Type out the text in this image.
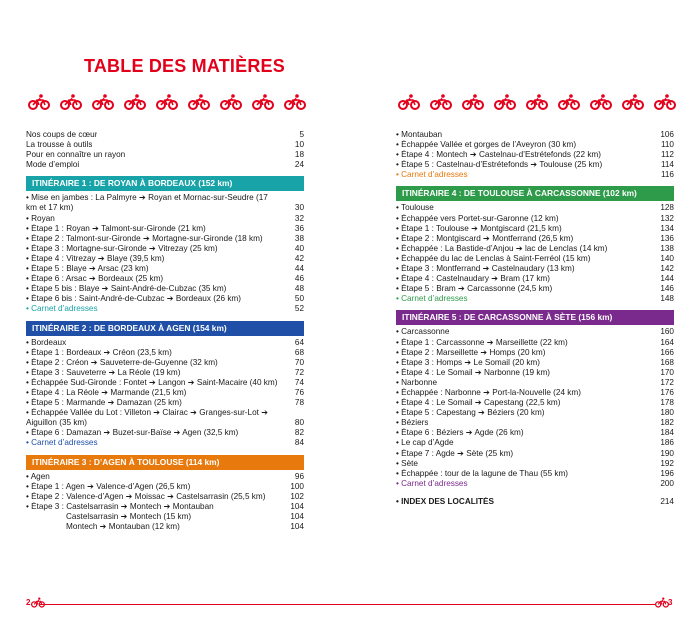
TABLE DES MATIÈRES
Nos coups de cœur	5
La trousse à outils	10
Pour en connaître un rayon	18
Mode d’emploi	24
ITINÉRAIRE 1 : DE ROYAN À BORDEAUX (152 km)
• Mise en jambes : La Palmyre ➔ Royan et Mornac-sur-Seudre (17 km et 17 km)	30
• Royan	32
• Étape 1 : Royan ➔ Talmont-sur-Gironde (21 km)	36
• Étape 2 : Talmont-sur-Gironde ➔ Mortagne-sur-Gironde (18 km)	38
• Étape 3 : Mortagne-sur-Gironde ➔ Vitrezay (25 km)	40
• Étape 4 : Vitrezay ➔ Blaye (39,5 km)	42
• Étape 5 : Blaye ➔ Arsac (23 km)	44
• Étape 6 : Arsac ➔ Bordeaux (25 km)	46
• Étape 5 bis : Blaye ➔ Saint-André-de-Cubzac (35 km)	48
• Étape 6 bis : Saint-André-de-Cubzac ➔ Bordeaux (26 km)	50
• Carnet d’adresses	52
ITINÉRAIRE 2 : DE BORDEAUX À AGEN (154 km)
• Bordeaux	64
• Étape 1 : Bordeaux ➔ Créon (23,5 km)	68
• Étape 2 : Créon ➔ Sauveterre-de-Guyenne (32 km)	70
• Étape 3 : Sauveterre ➔ La Réole (19 km)	72
• Échappée Sud-Gironde : Fontet ➔ Langon ➔ Saint-Macaire (40 km)	74
• Étape 4 : La Réole ➔ Marmande (21,5 km)	76
• Étape 5 : Marmande ➔ Damazan (25 km)	78
• Échappée Vallée du Lot : Villeton ➔ Clairac ➔ Granges-sur-Lot ➔ Aiguillon (35 km)	80
• Étape 6 : Damazan ➔ Buzet-sur-Baïse ➔ Agen (32,5 km)	82
• Carnet d’adresses	84
ITINÉRAIRE 3 : D’AGEN À TOULOUSE (114 km)
• Agen	96
• Étape 1 : Agen ➔ Valence-d’Agen (26,5 km)	100
• Étape 2 : Valence-d’Agen ➔ Moissac ➔ Castelsarrasin (25,5 km)	102
• Étape 3 : Castelsarrasin ➔ Montech ➔ Montauban	104
Castelsarrasin ➔ Montech (15 km)	104
Montech ➔ Montauban (12 km)	104
• Montauban	106
• Échappée Vallée et gorges de l’Aveyron (30 km)	110
• Étape 4 : Montech ➔ Castelnau-d’Estrétefonds (22 km)	112
• Étape 5 : Castelnau-d’Estrétefonds ➔ Toulouse (25 km)	114
• Carnet d’adresses	116
ITINÉRAIRE 4 : DE TOULOUSE À CARCASSONNE (102 km)
• Toulouse	128
• Échappée vers Portet-sur-Garonne (12 km)	132
• Étape 1 : Toulouse ➔ Montgiscard (21,5 km)	134
• Étape 2 : Montgiscard ➔ Montferrand (26,5 km)	136
• Échappée : La Bastide-d’Anjou ➔ lac de Lenclas (14 km)	138
• Échappée du lac de Lenclas à Saint-Ferréol (15 km)	140
• Étape 3 : Montferrand ➔ Castelnaudary (13 km)	142
• Étape 4 : Castelnaudary ➔ Bram (17 km)	144
• Étape 5 : Bram ➔ Carcassonne (24,5 km)	146
• Carnet d’adresses	148
ITINÉRAIRE 5 : DE CARCASSONNE À SÈTE (156 km)
• Carcassonne	160
• Étape 1 : Carcassonne ➔ Marseillette (22 km)	164
• Étape 2 : Marseillette ➔ Homps (20 km)	166
• Étape 3 : Homps ➔ Le Somail (20 km)	168
• Étape 4 : Le Somail ➔ Narbonne (19 km)	170
• Narbonne	172
• Échappée : Narbonne ➔ Port-la-Nouvelle (24 km)	176
• Étape 4 : Le Somail ➔ Capestang (22,5 km)	178
• Étape 5 : Capestang ➔ Béziers (20 km)	180
• Béziers	182
• Étape 6 : Béziers ➔ Agde (26 km)	184
• Le cap d’Agde	186
• Étape 7 : Agde ➔ Sète (25 km)	190
• Sète	192
• Échappée : tour de la lagune de Thau (55 km)	196
• Carnet d’adresses	200
• INDEX DES LOCALITÉS	214
2	3
